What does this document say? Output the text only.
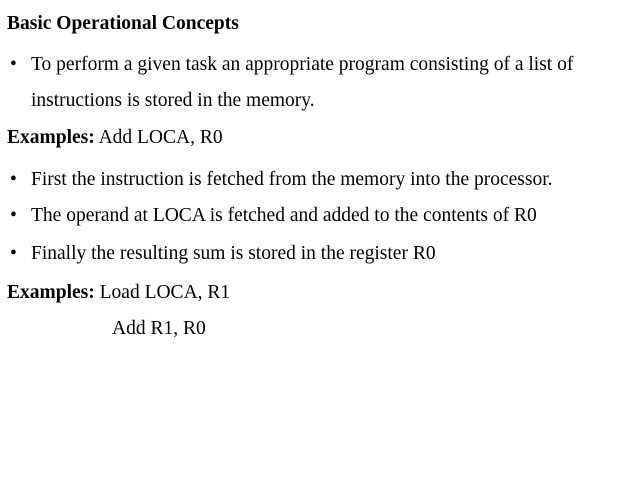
Basic Operational Concepts
• To perform a given task an appropriate program consisting of a list of
instructions is stored in the memory.
Examples: Add LOCA, R0
• First the instruction is fetched from the memory into the processor.
• The operand at LOCA is fetched and added to the contents of R0
• Finally the resulting sum is stored in the register R0
Examples: Load LOCA, R1
Add R1, R0
